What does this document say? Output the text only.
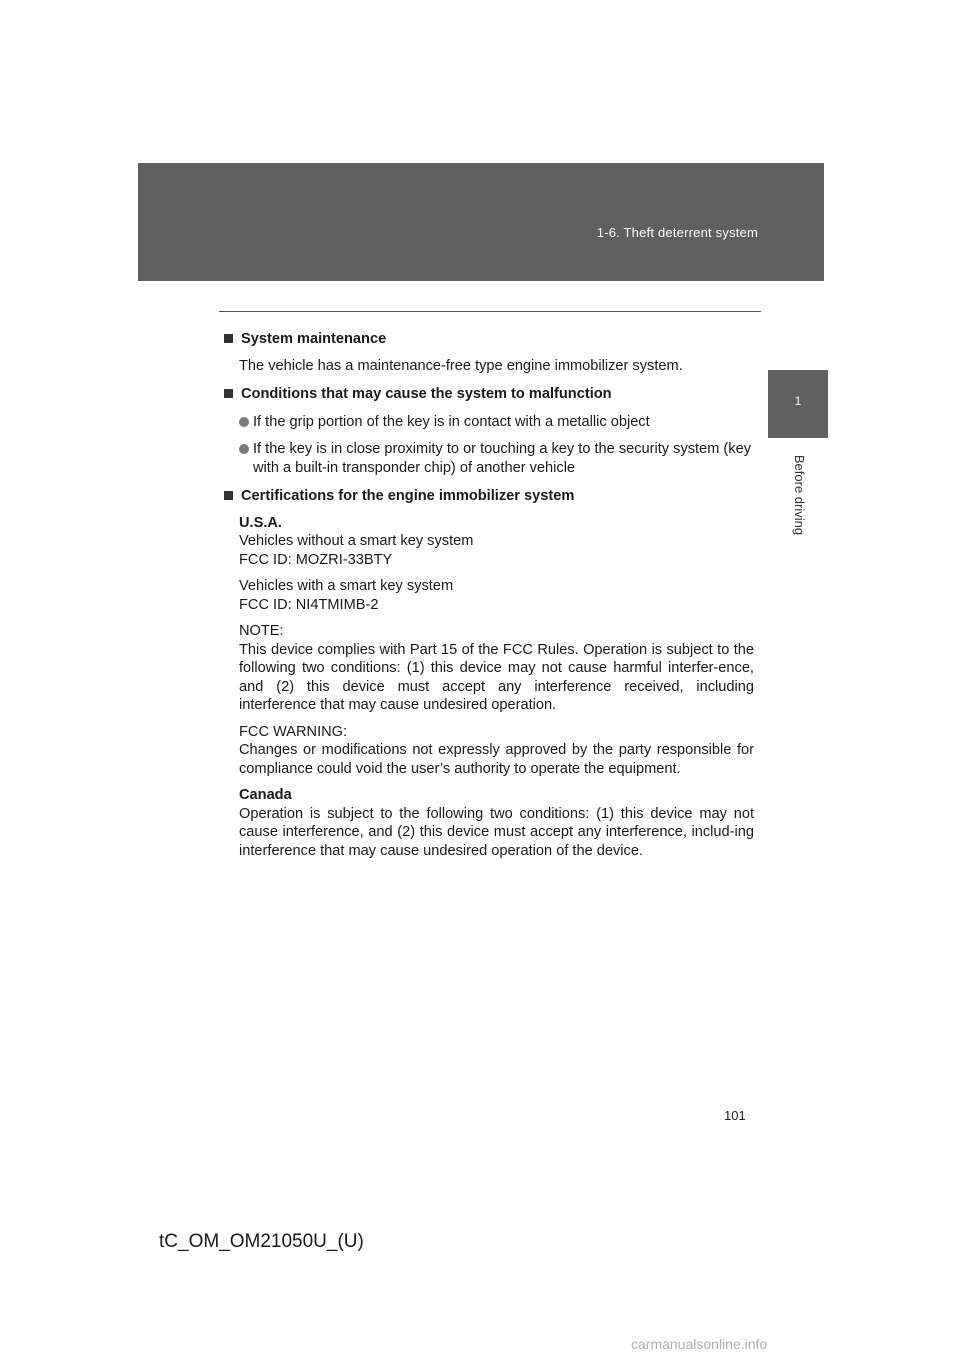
1-6. Theft deterrent system
1
Before driving
System maintenance
The vehicle has a maintenance-free type engine immobilizer system.
Conditions that may cause the system to malfunction
If the grip portion of the key is in contact with a metallic object
If the key is in close proximity to or touching a key to the security system (key with a built-in transponder chip) of another vehicle
Certifications for the engine immobilizer system
U.S.A.
Vehicles without a smart key system
FCC ID: MOZRI-33BTY
Vehicles with a smart key system
FCC ID: NI4TMIMB-2
NOTE:
This device complies with Part 15 of the FCC Rules. Operation is subject to the following two conditions: (1) this device may not cause harmful interfer-ence, and (2) this device must accept any interference received, including interference that may cause undesired operation.
FCC WARNING:
Changes or modifications not expressly approved by the party responsible for compliance could void the user’s authority to operate the equipment.
Canada
Operation is subject to the following two conditions: (1) this device may not cause interference, and (2) this device must accept any interference, includ-ing interference that may cause undesired operation of the device.
101
tC_OM_OM21050U_(U)
carmanualsonline.info
